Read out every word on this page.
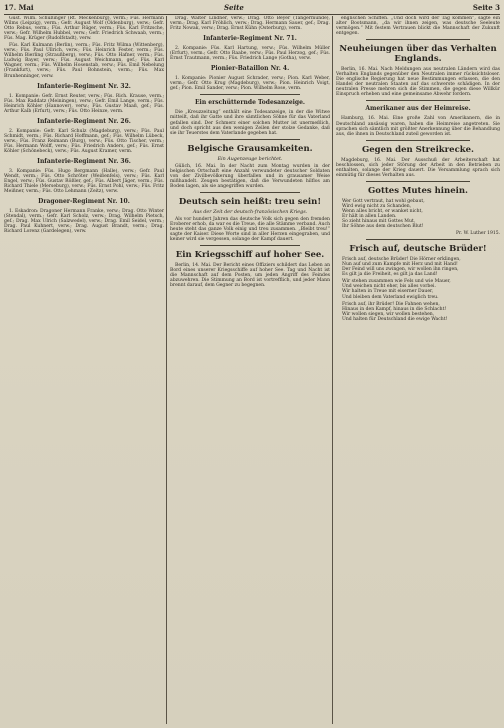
17. Mai	Seite	Seite 3

Gust. Wilm. Schüßinger (Rt. Meckenburg), verm.; Füs. Hermann Wilms (Leipzig), verm.; Gefr. August Wolf (Oldenburg), verw.; Gefr. Otto Rebus, verm.; Füs. Arthur Rüger, verm.; Füs. Karl Fritzsche, verw.; Gefr. Wilhelm Hubbel, verw.; Gefr. Friedrich Schwaab, verm.; Füs. Mag. Krüger (Rudolfstadt), verw.

Füs. Karl Kulmann (Berlin), verm.; Füs. Fritz Wilma (Wittenberg), verw.; Füs. Paul Ullrich, verw.; Füs. Heinrich Fester, verm.; Füs. Wilhelm Bierling (Straußberg), verw.; Füs. Otto Hafner, verm.; Füs. Ludwig Bayer, verw.; Füs. August Weichmann, gef.; Füs. Karl Wagner, verm.; Füs. Wilhelm Hosenstab, verw.; Füs. Emil Nebelung (Frankfurt), verw.; Füs. Paul Bohnstein, verm.; Füs. Max Brunhenninger, verw.

Infanterie-Regiment Nr. 32.

1. Kompanie: Gefr. Ernst Reuter, verw.; Füs. Rich. Krause, verm.; Füs. Max Raddatz (Meiningen), verw.; Gefr. Emil Lange, verm.; Füs. Heinrich Köhler (Hannover), verw.; Füs. Gustav Maaß, gef.; Füs. Arthur Kalb (Erfurt), verw.; Füs. Otto Heinze, verm.

Infanterie-Regiment Nr. 26.

2. Kompanie: Gefr. Karl Schulz (Magdeburg), verw.; Füs. Paul Schmidt, verm.; Füs. Richard Hoffmann, gef.; Füs. Wilhelm Lübeck, verw.; Füs. Franz Reimann (Burg), verw.; Füs. Otto Tischer, verm.; Füs. Hermann Wolff, verw.; Füs. Friedrich Anders, gef.; Füs. Ernst Köhler (Schönebeck), verw.; Füs. August Kramer, verm.

Infanterie-Regiment Nr. 36.

3. Kompanie: Füs. Hugo Bergmann (Halle), verw.; Gefr. Paul Wendt, verm.; Füs. Otto Schröter (Weißenfels), verw.; Füs. Karl Engel, verw.; Füs. Gustav Rößler, gef.; Füs. Albert Jäger, verm.; Füs. Richard Thiele (Merseburg), verw.; Füs. Ernst Pohl, verw.; Füs. Fritz Meißner, verm.; Füs. Otto Lehmann (Zeitz), verw.

Dragoner-Regiment Nr. 10.

1. Eskadron: Dragoner Hermann Franke, verw.; Drag. Otto Winter (Stendal), verm.; Gefr. Karl Scholz, verw.; Drag. Wilhelm Pietsch, gef.; Drag. Max Ulrich (Salzwedel), verw.; Drag. Emil Seidel, verm.; Drag. Paul Kuhnert, verw.; Drag. August Brandt, verm.; Drag. Richard Lorenz (Gardelegen), verw.

Drag. Walter Lindner, verw.; Drag. Otto Beyer (Tangermünde), verm.; Drag. Karl Fröhlich, verw.; Drag. Hermann Sauer, gef.; Drag. Fritz Nowak, verw.; Drag. Ernst Kühn (Osterburg), verm.

Infanterie-Regiment Nr. 71.

2. Kompanie: Füs. Karl Hartung, verw.; Füs. Wilhelm Müller (Erfurt), verm.; Gefr. Otto Raabe, verw.; Füs. Paul Herzog, gef.; Füs. Ernst Trautmann, verm.; Füs. Friedrich Lange (Gotha), verw.

Pionier-Bataillon Nr. 4.

1. Kompanie: Pionier August Schrader, verw.; Pion. Karl Weber, verm.; Gefr. Otto Krug (Magdeburg), verw.; Pion. Heinrich Voigt, gef.; Pion. Emil Sander, verw.; Pion. Wilhelm Rose, verm.

Ein erschütternde Todesanzeige.

Die „Kreuzzeitung“ enthält eine Todesanzeige, in der die Witwe mitteilt, daß ihr Gatte und ihre sämtlichen Söhne für das Vaterland gefallen sind. Der Schmerz einer solchen Mutter ist unermeßlich, und doch spricht aus den wenigen Zeilen der stolze Gedanke, daß sie ihr Teuerstes dem Vaterlande gegeben hat.

Belgische Grausamkeiten.
Ein Augenzeuge berichtet.

Gülich, 16. Mai. In der Nacht zum Montag wurden in der belgischen Ortschaft eine Anzahl verwundeter deutscher Soldaten von der Zivilbevölkerung überfallen und in grausamer Weise mißhandelt. Zeugen bestätigen, daß die Verwundeten hilflos am Boden lagen, als sie angegriffen wurden.

Deutsch sein heißt: treu sein!
Aus der Zeit der deutsch-französischen Kriegs.

Als vor hundert Jahren das deutsche Volk sich gegen den fremden Eroberer erhob, da war es die Treue, die alle Stämme verband. Auch heute steht das ganze Volk einig und treu zusammen. „Bleibt treu!“ sagte der Kaiser. Diese Worte sind in aller Herzen eingegraben, und keiner wird sie vergessen, solange der Kampf dauert.

Ein Kriegsschiff auf hoher See.

Berlin, 14. Mai. Der Bericht eines Offiziers schildert das Leben an Bord eines unserer Kriegsschiffe auf hoher See. Tag und Nacht ist die Mannschaft auf dem Posten, um jeden Angriff des Feindes abzuwehren. Die Stimmung an Bord ist vortrefflich, und jeder Mann brennt darauf, dem Gegner zu begegnen.

englischen Schiffen. „Und doch wird der Tag kommen“, sagte ein alter Bootsmann, „da wir ihnen zeigen, was deutsche Seeleute vermögen.“ Mit festem Vertrauen blickt die Mannschaft der Zukunft entgegen.

Neuheiungen über das Verhalten Englands.

Berlin, 16. Mai. Nach Meldungen aus neutralen Ländern wird das Verhalten Englands gegenüber den Neutralen immer rücksichtsloser. Die englische Regierung hat neue Bestimmungen erlassen, die den Handel der neutralen Staaten auf das schwerste schädigen. In der neutralen Presse mehren sich die Stimmen, die gegen diese Willkür Einspruch erheben und eine gemeinsame Abwehr fordern.

Amerikaner aus der Heimreise.

Hamburg, 16. Mai. Eine große Zahl von Amerikanern, die in Deutschland ansässig waren, haben die Heimreise angetreten. Sie sprachen sich sämtlich mit größter Anerkennung über die Behandlung aus, die ihnen in Deutschland zuteil geworden ist.

Gegen den Streikrecke.

Magdeburg, 16. Mai. Der Ausschuß der Arbeiterschaft hat beschlossen, sich jeder Störung der Arbeit in den Betrieben zu enthalten, solange der Krieg dauert. Die Versammlung sprach sich einmütig für dieses Verhalten aus.

Gottes Mutes hinein.
Wer Gott vertraut, hat wohl gebaut,
Wird ewig nicht zu Schanden,
Wenn alles bricht, er wanket nicht,
Er hält in allen Landen.
So zieht hinaus mit Gottes Mut,
Ihr Söhne aus dem deutschen Blut!
Pr. W. Luther 1915.
Frisch auf, deutsche Brüder!
Frisch auf, deutsche Brüder! Die Hörner erklingen,
Nun auf und zum Kampfe mit Herz und mit Hand!
Der Feind will uns zwingen, wir wollen ihn ringen,
Es gilt ja die Freiheit, es gilt ja das Land!
Wir stehen zusammen wie Fels und wie Mauer,
Und weichen nicht eher, bis alles vorbei.
Wir halten in Treue mit eiserner Dauer,
Und bleiben dem Vaterland ewiglich treu.
Frisch auf, ihr Brüder! Die Fahnen wehen,
Hinaus in den Kampf, hinaus in die Schlacht!
Wir wollen siegen, wir wollen bestehen,
Und halten für Deutschland die ewige Wacht!
